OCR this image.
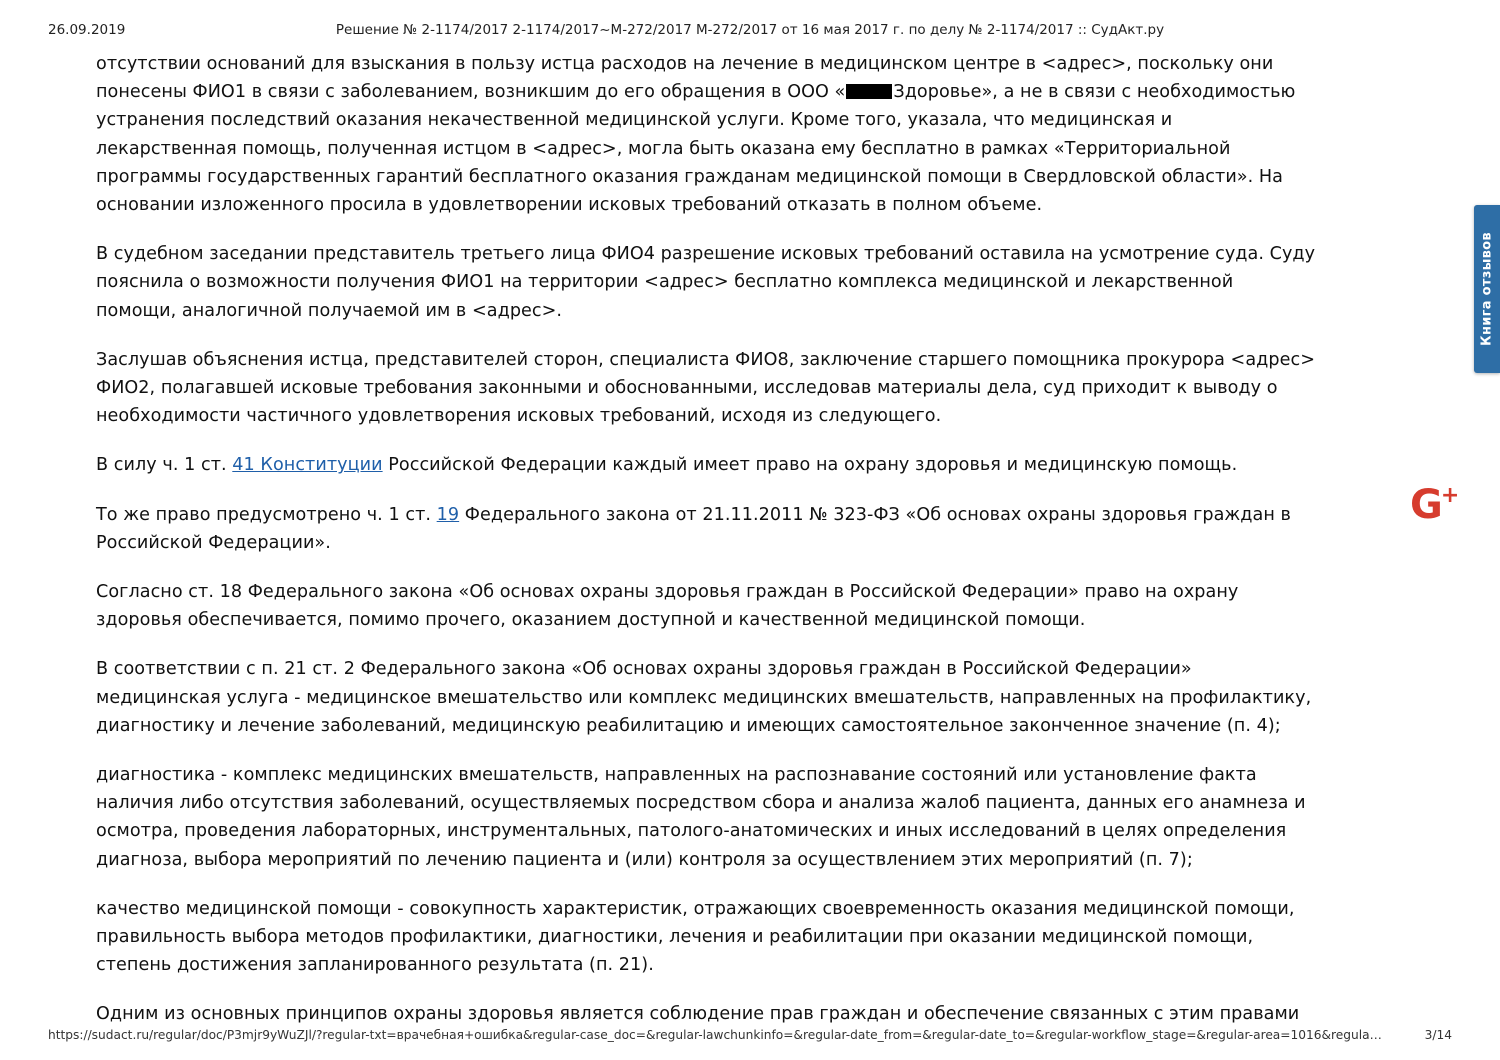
26.09.2019	Решение № 2-1174/2017 2-1174/2017~М-272/2017 М-272/2017 от 16 мая 2017 г. по делу № 2-1174/2017 :: СудАкт.ру

отсутствии оснований для взыскания в пользу истца расходов на лечение в медицинском центре в <адрес>, поскольку они понесены ФИО1 в связи с заболеванием, возникшим до его обращения в ООО «	Здоровье», а не в связи с необходимостью устранения последствий оказания некачественной медицинской услуги. Кроме того, указала, что медицинская и лекарственная помощь, полученная истцом в <адрес>, могла быть оказана ему бесплатно в рамках «Территориальной программы государственных гарантий бесплатного оказания гражданам медицинской помощи в Свердловской области». На основании изложенного просила в удовлетворении исковых требований отказать в полном объеме.

В судебном заседании представитель третьего лица ФИО4 разрешение исковых требований оставила на усмотрение суда. Суду пояснила о возможности получения ФИО1 на территории <адрес> бесплатно комплекса медицинской и лекарственной помощи, аналогичной получаемой им в <адрес>.

Заслушав объяснения истца, представителей сторон, специалиста ФИО8, заключение старшего помощника прокурора <адрес> ФИО2, полагавшей исковые требования законными и обоснованными, исследовав материалы дела, суд приходит к выводу о необходимости частичного удовлетворения исковых требований, исходя из следующего.

В силу ч. 1 ст. 41 Конституции Российской Федерации каждый имеет право на охрану здоровья и медицинскую помощь.

То же право предусмотрено ч. 1 ст. 19 Федерального закона от 21.11.2011 № 323-ФЗ «Об основах охраны здоровья граждан в Российской Федерации».

Согласно ст. 18 Федерального закона «Об основах охраны здоровья граждан в Российской Федерации» право на охрану здоровья обеспечивается, помимо прочего, оказанием доступной и качественной медицинской помощи.

В соответствии с п. 21 ст. 2 Федерального закона «Об основах охраны здоровья граждан в Российской Федерации» медицинская услуга - медицинское вмешательство или комплекс медицинских вмешательств, направленных на профилактику, диагностику и лечение заболеваний, медицинскую реабилитацию и имеющих самостоятельное законченное значение (п. 4);

диагностика - комплекс медицинских вмешательств, направленных на распознавание состояний или установление факта наличия либо отсутствия заболеваний, осуществляемых посредством сбора и анализа жалоб пациента, данных его анамнеза и осмотра, проведения лабораторных, инструментальных, патолого-анатомических и иных исследований в целях определения диагноза, выбора мероприятий по лечению пациента и (или) контроля за осуществлением этих мероприятий (п. 7);

качество медицинской помощи - совокупность характеристик, отражающих своевременность оказания медицинской помощи, правильность выбора методов профилактики, диагностики, лечения и реабилитации при оказании медицинской помощи, степень достижения запланированного результата (п. 21).

Одним из основных принципов охраны здоровья является соблюдение прав граждан и обеспечение связанных с этим правами

Книга отзывов
G+
https://sudact.ru/regular/doc/P3mjr9yWuZJl/?regular-txt=врачебная+ошибка&regular-case_doc=&regular-lawchunkinfo=&regular-date_from=&regular-date_to=&regular-workflow_stage=&regular-area=1016&regula…	3/14
